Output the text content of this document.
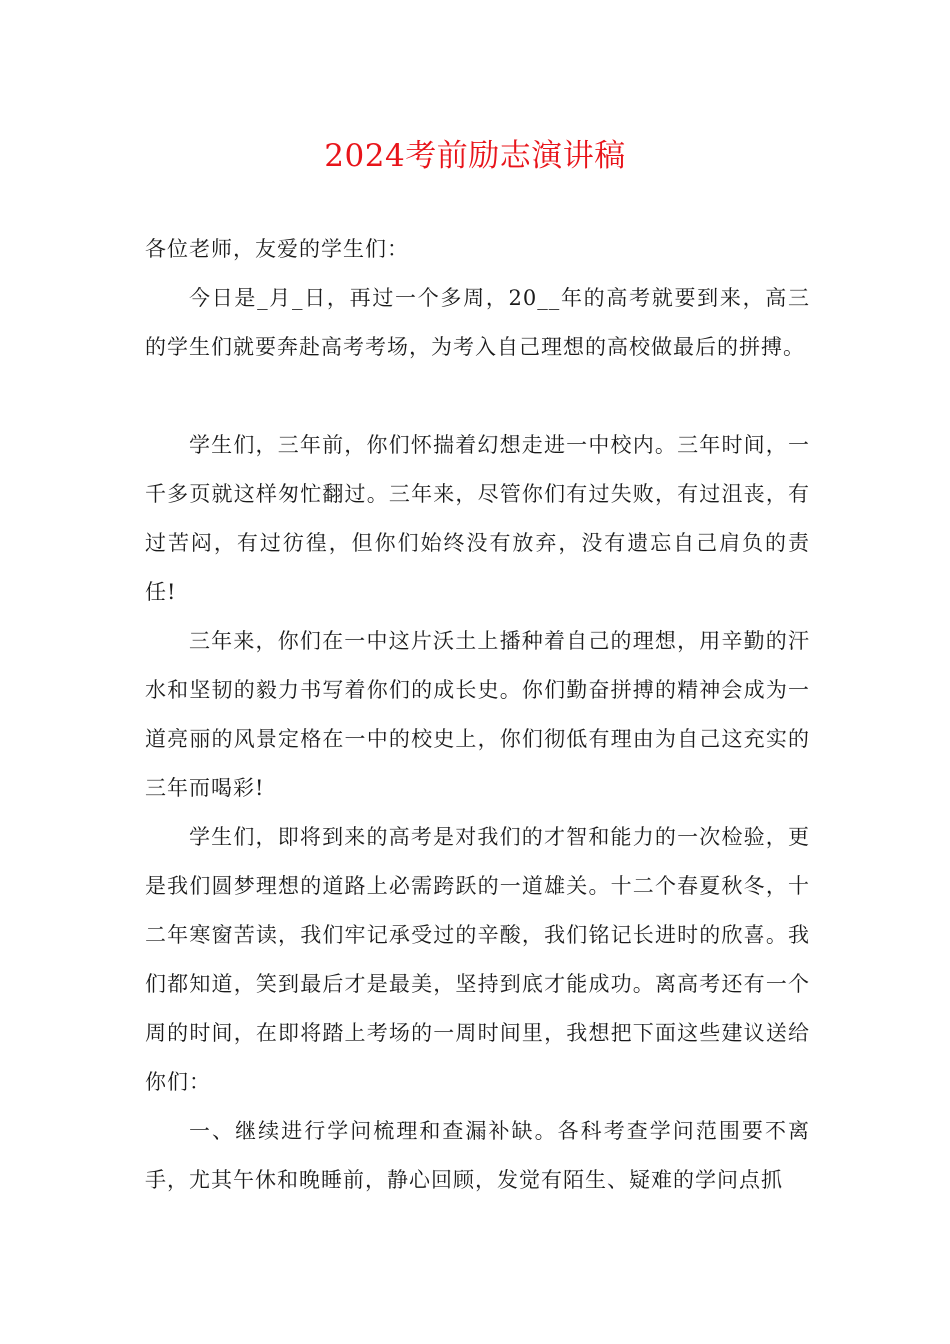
2024考前励志演讲稿

各位老师，友爱的学生们：

今日是_月_日，再过一个多周，20__年的高考就要到来，高三的学生们就要奔赴高考考场，为考入自己理想的高校做最后的拼搏。

学生们，三年前，你们怀揣着幻想走进一中校内。三年时间，一千多页就这样匆忙翻过。三年来，尽管你们有过失败，有过沮丧，有过苦闷，有过彷徨，但你们始终没有放弃，没有遗忘自己肩负的责任!

三年来，你们在一中这片沃土上播种着自己的理想，用辛勤的汗水和坚韧的毅力书写着你们的成长史。你们勤奋拼搏的精神会成为一道亮丽的风景定格在一中的校史上，你们彻低有理由为自己这充实的三年而喝彩!

学生们，即将到来的高考是对我们的才智和能力的一次检验，更是我们圆梦理想的道路上必需跨跃的一道雄关。十二个春夏秋冬，十二年寒窗苦读，我们牢记承受过的辛酸，我们铭记长进时的欣喜。我们都知道，笑到最后才是最美，坚持到底才能成功。离高考还有一个周的时间，在即将踏上考场的一周时间里，我想把下面这些建议送给你们：

一、继续进行学问梳理和查漏补缺。各科考查学问范围要不离手，尤其午休和晚睡前，静心回顾，发觉有陌生、疑难的学问点抓
